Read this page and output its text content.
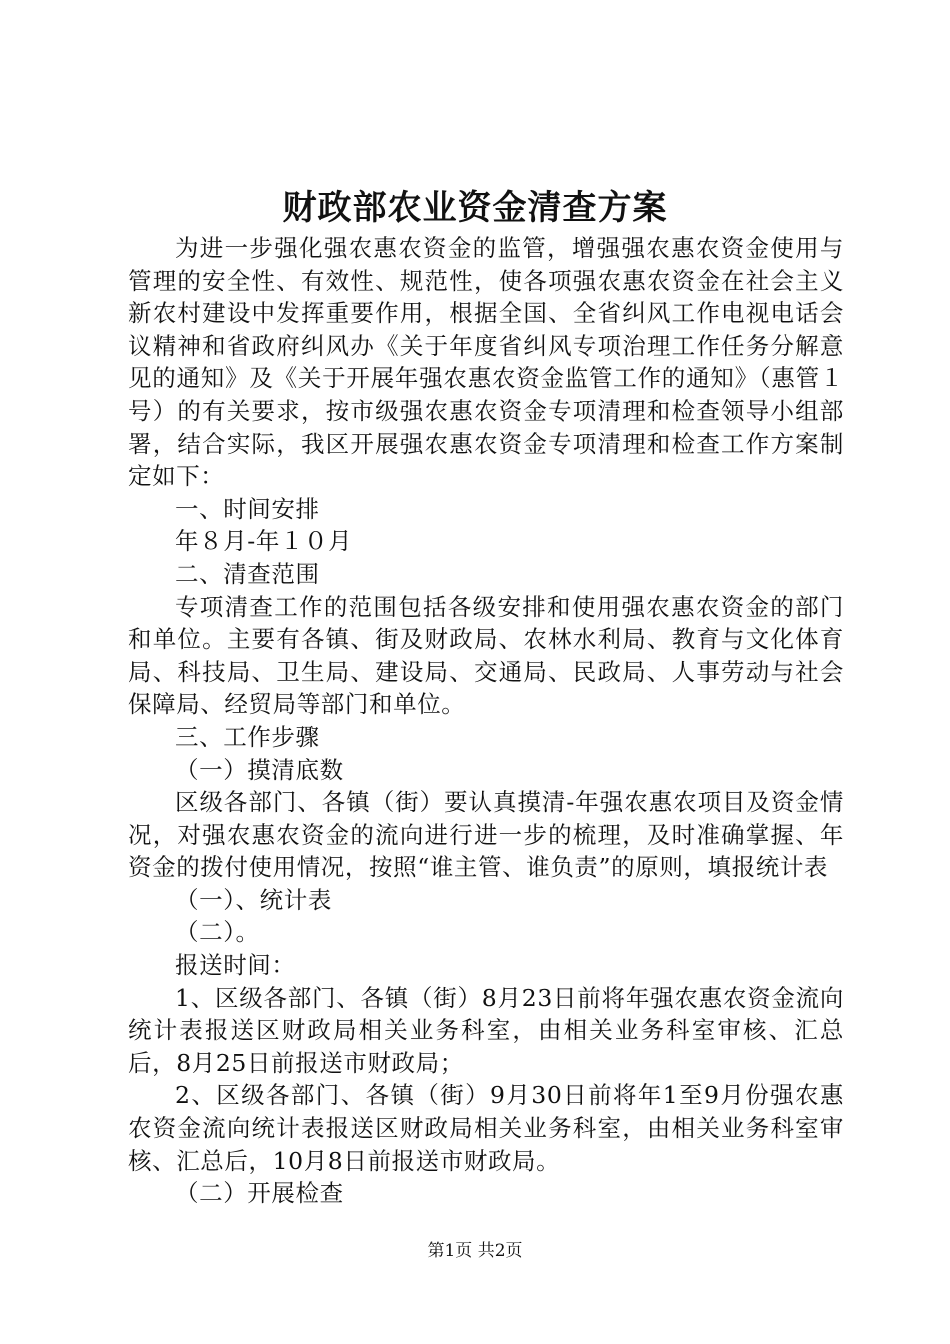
财政部农业资金清查方案

为进一步强化强农惠农资金的监管，增强强农惠农资金使用与管理的安全性、有效性、规范性，使各项强农惠农资金在社会主义新农村建设中发挥重要作用，根据全国、全省纠风工作电视电话会议精神和省政府纠风办《关于年度省纠风专项治理工作任务分解意见的通知》及《关于开展年强农惠农资金监管工作的通知》（惠管１号）的有关要求，按市级强农惠农资金专项清理和检查领导小组部署，结合实际，我区开展强农惠农资金专项清理和检查工作方案制定如下：

一、时间安排

年８月-年１０月

二、清查范围

专项清查工作的范围包括各级安排和使用强农惠农资金的部门和单位。主要有各镇、街及财政局、农林水利局、教育与文化体育局、科技局、卫生局、建设局、交通局、民政局、人事劳动与社会保障局、经贸局等部门和单位。

三、工作步骤

（一）摸清底数

区级各部门、各镇（街）要认真摸清-年强农惠农项目及资金情况，对强农惠农资金的流向进行进一步的梳理，及时准确掌握、年资金的拨付使用情况，按照“谁主管、谁负责”的原则，填报统计表

（一）、统计表

（二）。

报送时间：

1、区级各部门、各镇（街）8月23日前将年强农惠农资金流向统计表报送区财政局相关业务科室，由相关业务科室审核、汇总后，8月25日前报送市财政局；

2、区级各部门、各镇（街）9月30日前将年1至9月份强农惠农资金流向统计表报送区财政局相关业务科室，由相关业务科室审核、汇总后，10月8日前报送市财政局。

（二）开展检查

第1页 共2页
